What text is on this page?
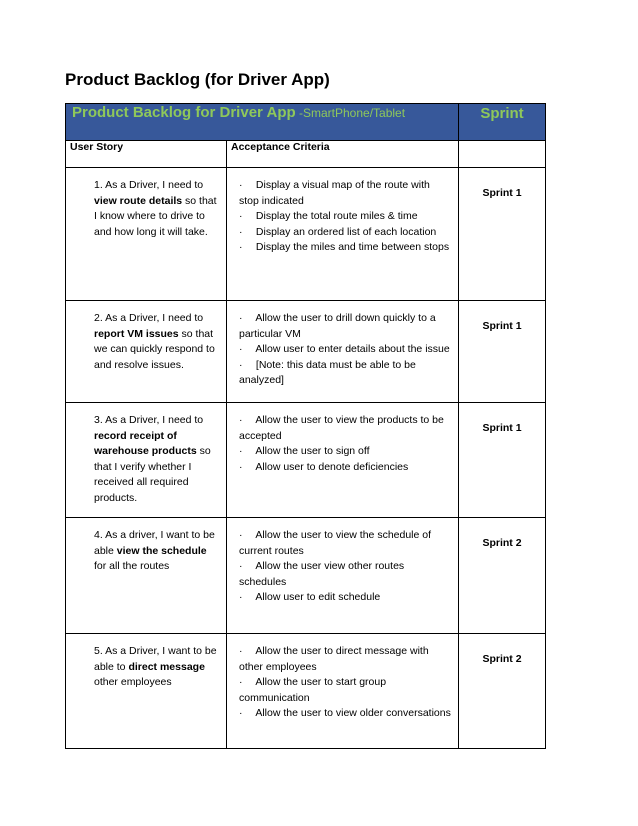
Product Backlog (for Driver App)
Product Backlog for Driver App -SmartPhone/Tablet		Sprint
User Story	Acceptance Criteria	
1. As a Driver, I need to view route details so that I know where to drive to and how long it will take.	· Display a visual map of the route with stop indicated
· Display the total route miles & time
· Display an ordered list of each location
· Display the miles and time between stops	Sprint 1
2. As a Driver, I need to report VM issues so that we can quickly respond to and resolve issues.	· Allow the user to drill down quickly to a particular VM
· Allow user to enter details about the issue
· [Note: this data must be able to be analyzed]	Sprint 1
3. As a Driver, I need to record receipt of warehouse products so that I verify whether I received all required products.	· Allow the user to view the products to be accepted
· Allow the user to sign off
· Allow user to denote deficiencies	Sprint 1
4. As a driver, I want to be able view the schedule for all the routes	· Allow the user to view the schedule of current routes
· Allow the user view other routes schedules
· Allow user to edit schedule	Sprint 2
5. As a Driver, I want to be able to direct message other employees	· Allow the user to direct message with other employees
· Allow the user to start group communication
· Allow the user to view older conversations	Sprint 2
